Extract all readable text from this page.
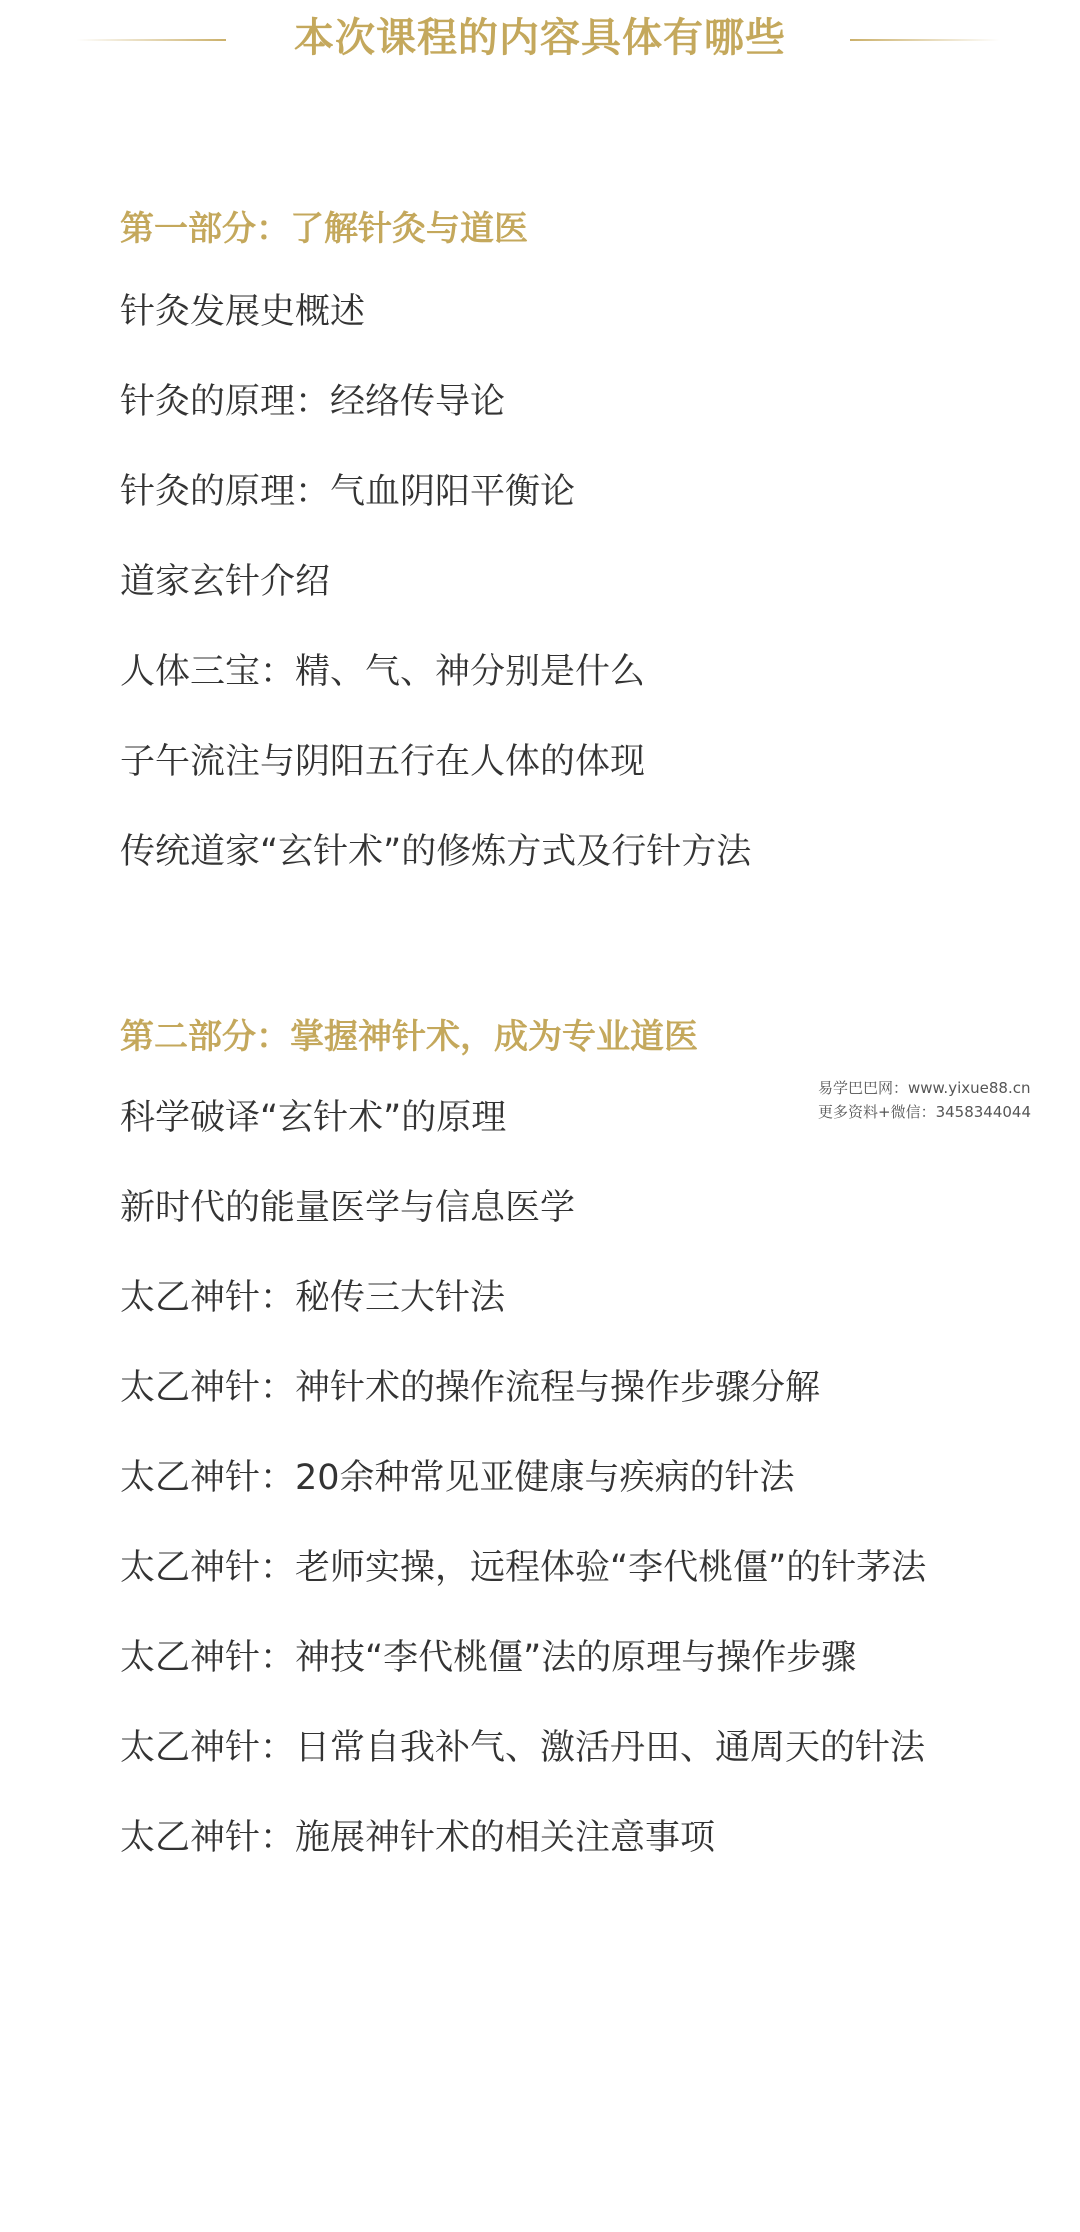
本次课程的内容具体有哪些
第一部分：了解针灸与道医
针灸发展史概述
针灸的原理：经络传导论
针灸的原理：气血阴阳平衡论
道家玄针介绍
人体三宝：精、气、神分别是什么
子午流注与阴阳五行在人体的体现
传统道家“玄针术”的修炼方式及行针方法
第二部分：掌握神针术，成为专业道医
科学破译“玄针术”的原理
新时代的能量医学与信息医学
太乙神针：秘传三大针法
太乙神针：神针术的操作流程与操作步骤分解
太乙神针：20余种常见亚健康与疾病的针法
太乙神针：老师实操，远程体验“李代桃僵”的针茅法
太乙神针：神技“李代桃僵”法的原理与操作步骤
太乙神针：日常自我补气、激活丹田、通周天的针法
太乙神针：施展神针术的相关注意事项
易学巴巴网：www.yixue88.cn
更多资料+微信：3458344044
